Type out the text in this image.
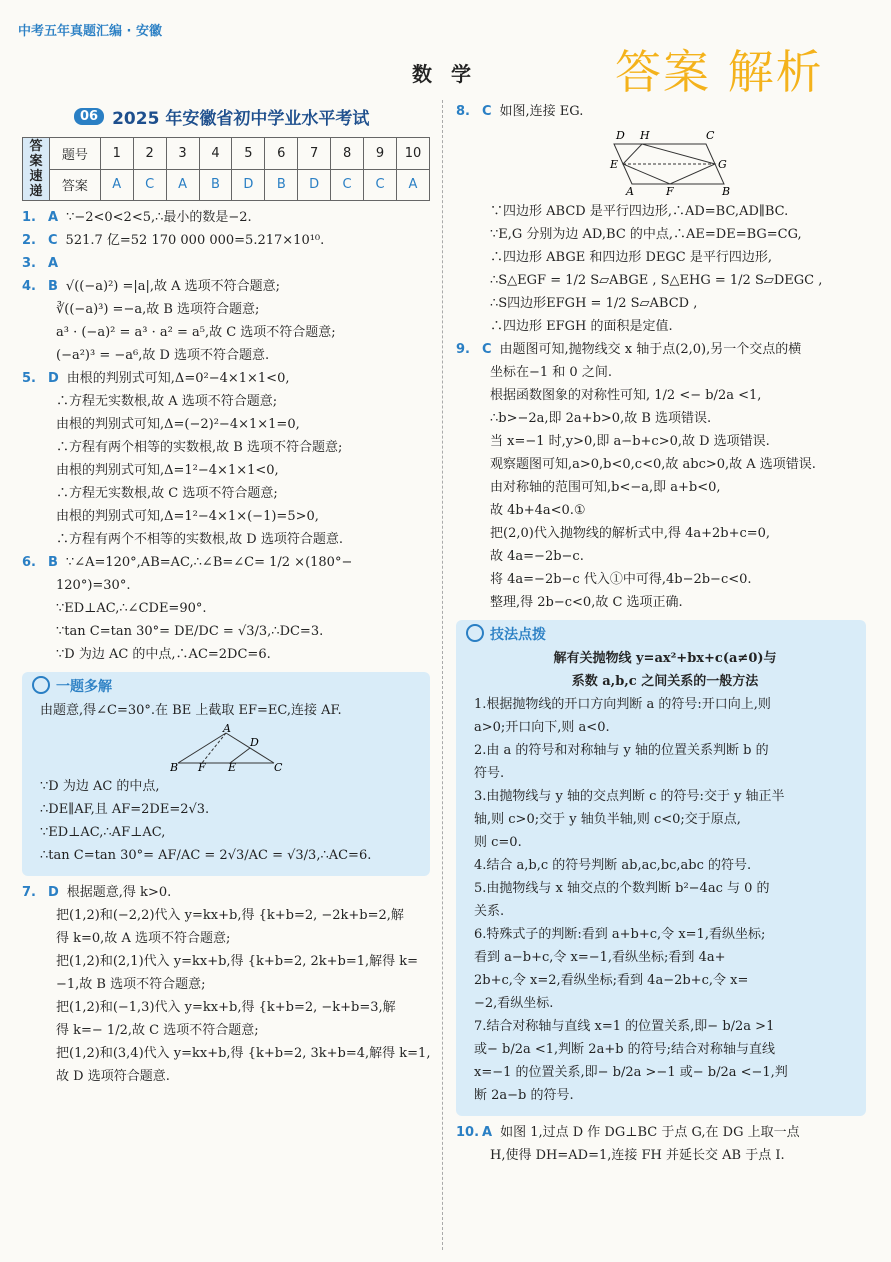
中考五年真题汇编 · 安徽
数 学	答案 解析
06 2025 年安徽省初中学业水平考试
答案速递	题号	1	2	3	4	5	6	7	8	9	10
	答案	A	C	A	B	D	B	D	C	C	A
1. A ∵−2<0<2<5,∴最小的数是−2.
2. C 521.7 亿=52 170 000 000=5.217×10¹⁰.
3. A
4. B √((−a)²) =|a|,故 A 选项不符合题意;
∛((−a)³) =−a,故 B 选项符合题意;
a³ · (−a)² = a³ · a² = a⁵,故 C 选项不符合题意;
(−a²)³ = −a⁶,故 D 选项不符合题意.
5. D 由根的判别式可知,Δ=0²−4×1×1<0,
∴方程无实数根,故 A 选项不符合题意;
由根的判别式可知,Δ=(−2)²−4×1×1=0,
∴方程有两个相等的实数根,故 B 选项不符合题意;
由根的判别式可知,Δ=1²−4×1×1<0,
∴方程无实数根,故 C 选项不符合题意;
由根的判别式可知,Δ=1²−4×1×(−1)=5>0,
∴方程有两个不相等的实数根,故 D 选项符合题意.
6. B ∵∠A=120°,AB=AC,∴∠B=∠C= 1/2 ×(180°−
120°)=30°.
∵ED⊥AC,∴∠CDE=90°.
∵tan C=tan 30°= DE/DC = √3/3,∴DC=3.
∵D 为边 AC 的中点,∴AC=2DC=6.
一题多解
由题意,得∠C=30°.在 BE 上截取 EF=EC,连接 AF.
A
D
B F E	C
∵D 为边 AC 的中点,
∴DE∥AF,且 AF=2DE=2√3.
∵ED⊥AC,∴AF⊥AC,
∴tan C=tan 30°= AF/AC = 2√3/AC = √3/3,∴AC=6.
7. D 根据题意,得 k>0.
把(1,2)和(−2,2)代入 y=kx+b,得 {k+b=2, −2k+b=2,解
得 k=0,故 A 选项不符合题意;
把(1,2)和(2,1)代入 y=kx+b,得 {k+b=2, 2k+b=1,解得 k=
−1,故 B 选项不符合题意;
把(1,2)和(−1,3)代入 y=kx+b,得 {k+b=2, −k+b=3,解
得 k=− 1/2,故 C 选项不符合题意;
把(1,2)和(3,4)代入 y=kx+b,得 {k+b=2, 3k+b=4,解得 k=1,
故 D 选项符合题意.
8. C 如图,连接 EG.
D H	C
E	G
A	F	B
∵四边形 ABCD 是平行四边形,∴AD=BC,AD∥BC.
∵E,G 分别为边 AD,BC 的中点,∴AE=DE=BG=CG,
∴四边形 ABGE 和四边形 DEGC 是平行四边形,
∴S△EGF = 1/2 S▱ABGE , S△EHG = 1/2 S▱DEGC ,
∴S四边形EFGH = 1/2 S▱ABCD ,
∴四边形 EFGH 的面积是定值.
9. C 由题图可知,抛物线交 x 轴于点(2,0),另一个交点的横
坐标在−1 和 0 之间.
根据函数图象的对称性可知, 1/2 <− b/2a <1,
∴b>−2a,即 2a+b>0,故 B 选项错误.
当 x=−1 时,y>0,即 a−b+c>0,故 D 选项错误.
观察题图可知,a>0,b<0,c<0,故 abc>0,故 A 选项错误.
由对称轴的范围可知,b<−a,即 a+b<0,
故 4b+4a<0.①
把(2,0)代入抛物线的解析式中,得 4a+2b+c=0,
故 4a=−2b−c.
将 4a=−2b−c 代入①中可得,4b−2b−c<0.
整理,得 2b−c<0,故 C 选项正确.
技法点拨
解有关抛物线 y=ax²+bx+c(a≠0)与
系数 a,b,c 之间关系的一般方法
1.根据抛物线的开口方向判断 a 的符号:开口向上,则
a>0;开口向下,则 a<0.
2.由 a 的符号和对称轴与 y 轴的位置关系判断 b 的
符号.
3.由抛物线与 y 轴的交点判断 c 的符号:交于 y 轴正半
轴,则 c>0;交于 y 轴负半轴,则 c<0;交于原点,
则 c=0.
4.结合 a,b,c 的符号判断 ab,ac,bc,abc 的符号.
5.由抛物线与 x 轴交点的个数判断 b²−4ac 与 0 的
关系.
6.特殊式子的判断:看到 a+b+c,令 x=1,看纵坐标;
看到 a−b+c,令 x=−1,看纵坐标;看到 4a+
2b+c,令 x=2,看纵坐标;看到 4a−2b+c,令 x=
−2,看纵坐标.
7.结合对称轴与直线 x=1 的位置关系,即− b/2a >1
或− b/2a <1,判断 2a+b 的符号;结合对称轴与直线
x=−1 的位置关系,即− b/2a >−1 或− b/2a <−1,判
断 2a−b 的符号.
10. A 如图 1,过点 D 作 DG⊥BC 于点 G,在 DG 上取一点
H,使得 DH=AD=1,连接 FH 并延长交 AB 于点 I.
